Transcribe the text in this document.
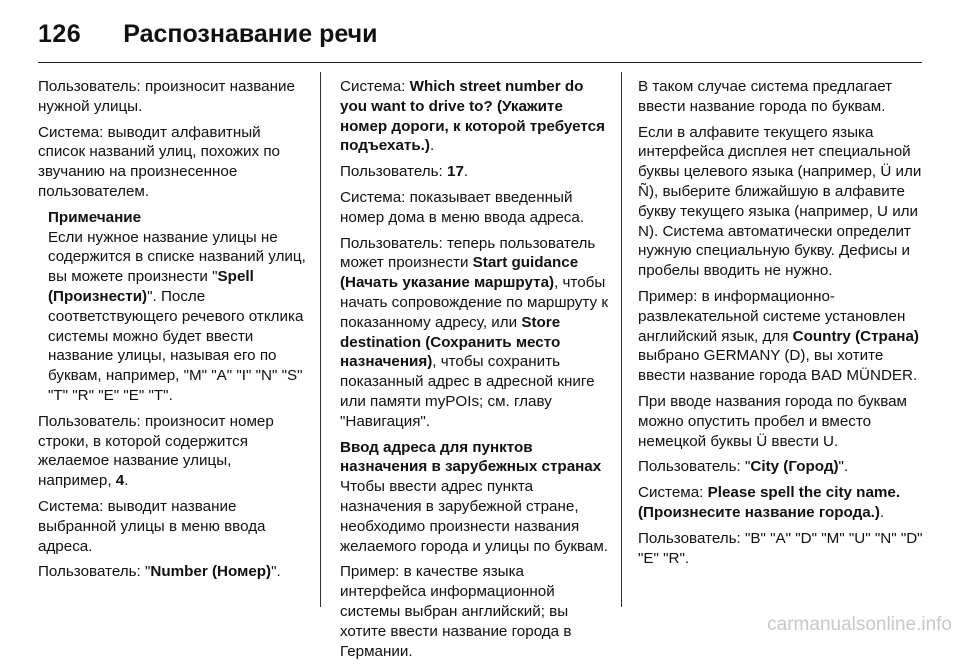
126 Распознавание речи

Пользователь: произносит название нужной улицы.

Система: выводит алфавитный список названий улиц, похожих по звучанию на произнесенное пользователем.

Примечание
Если нужное название улицы не содержится в списке названий улиц, вы можете произнести "Spell (Произнести)". После соответствующего речевого отклика системы можно будет ввести название улицы, называя его по буквам, например, "M" "A" "I" "N" "S" "T" "R" "E" "E" "T".

Пользователь: произносит номер строки, в которой содержится желаемое название улицы, например, 4.

Система: выводит название выбранной улицы в меню ввода адреса.

Пользователь: "Number (Номер)".

Система: Which street number do you want to drive to? (Укажите номер дороги, к которой требуется подъехать.).

Пользователь: 17.

Система: показывает введенный номер дома в меню ввода адреса.

Пользователь: теперь пользователь может произнести Start guidance (Начать указание маршрута), чтобы начать сопровождение по маршруту к показанному адресу, или Store destination (Сохранить место назначения), чтобы сохранить показанный адрес в адресной книге или памяти myPOIs; см. главу "Навигация".

Ввод адреса для пунктов назначения в зарубежных странах

Чтобы ввести адрес пункта назначения в зарубежной стране, необходимо произнести названия желаемого города и улицы по буквам.

Пример: в качестве языка интерфейса информационной системы выбран английский; вы хотите ввести название города в Германии.

В таком случае система предлагает ввести название города по буквам.

Если в алфавите текущего языка интерфейса дисплея нет специальной буквы целевого языка (например, Ü или Ñ), выберите ближайшую в алфавите букву текущего языка (например, U или N). Система автоматически определит нужную специальную букву. Дефисы и пробелы вводить не нужно.

Пример: в информационно-развлекательной системе установлен английский язык, для Country (Страна) выбрано GERMANY (D), вы хотите ввести название города BAD MÜNDER.

При вводе названия города по буквам можно опустить пробел и вместо немецкой буквы Ü ввести U.

Пользователь: "City (Город)".

Система: Please spell the city name. (Произнесите название города.).

Пользователь: "B" "A" "D" "M" "U" "N" "D" "E" "R".

carmanualsonline.info
